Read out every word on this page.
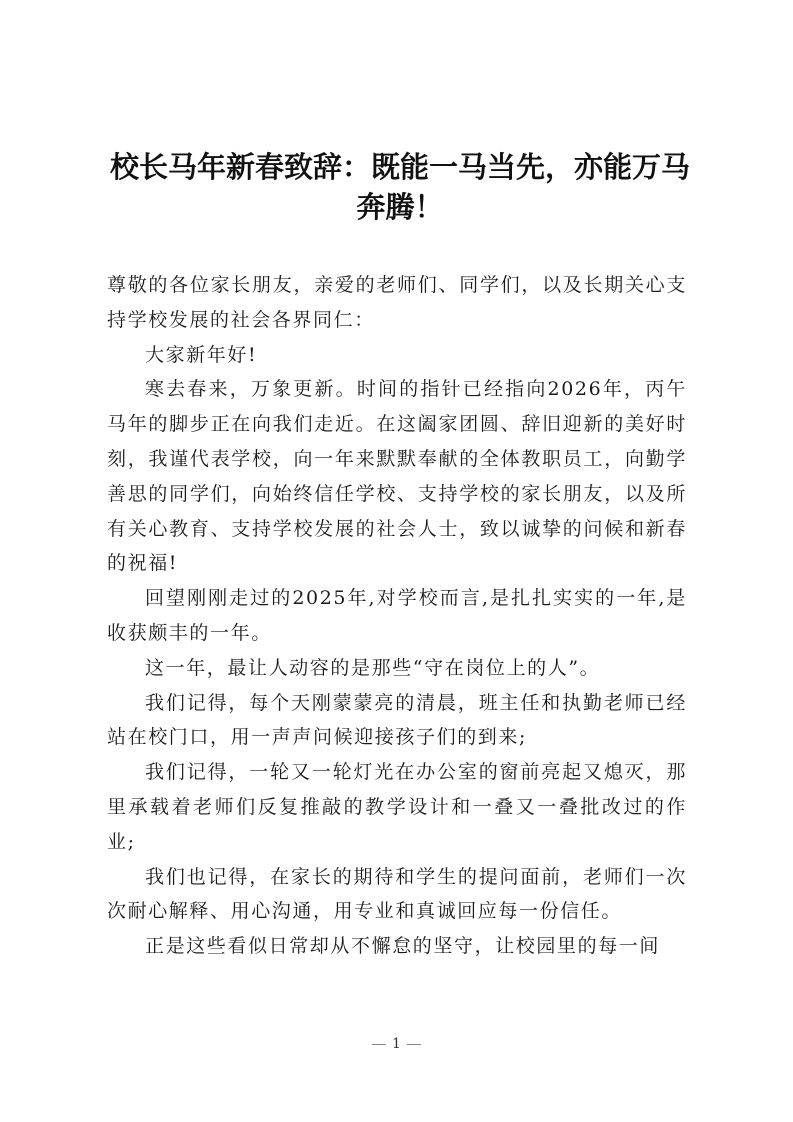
校长马年新春致辞：既能一马当先，亦能万马奔腾！

尊敬的各位家长朋友，亲爱的老师们、同学们，以及长期关心支持学校发展的社会各界同仁：

大家新年好!

寒去春来，万象更新。时间的指针已经指向2026年，丙午马年的脚步正在向我们走近。在这阖家团圆、辞旧迎新的美好时刻，我谨代表学校，向一年来默默奉献的全体教职员工，向勤学善思的同学们，向始终信任学校、支持学校的家长朋友，以及所有关心教育、支持学校发展的社会人士，致以诚挚的问候和新春的祝福!

回望刚刚走过的2025年,对学校而言,是扎扎实实的一年,是收获颇丰的一年。

这一年，最让人动容的是那些“守在岗位上的人”。

我们记得，每个天刚蒙蒙亮的清晨，班主任和执勤老师已经站在校门口，用一声声问候迎接孩子们的到来;

我们记得，一轮又一轮灯光在办公室的窗前亮起又熄灭，那里承载着老师们反复推敲的教学设计和一叠又一叠批改过的作业;

我们也记得，在家长的期待和学生的提问面前，老师们一次次耐心解释、用心沟通，用专业和真诚回应每一份信任。

正是这些看似日常却从不懈怠的坚守，让校园里的每一间

1
